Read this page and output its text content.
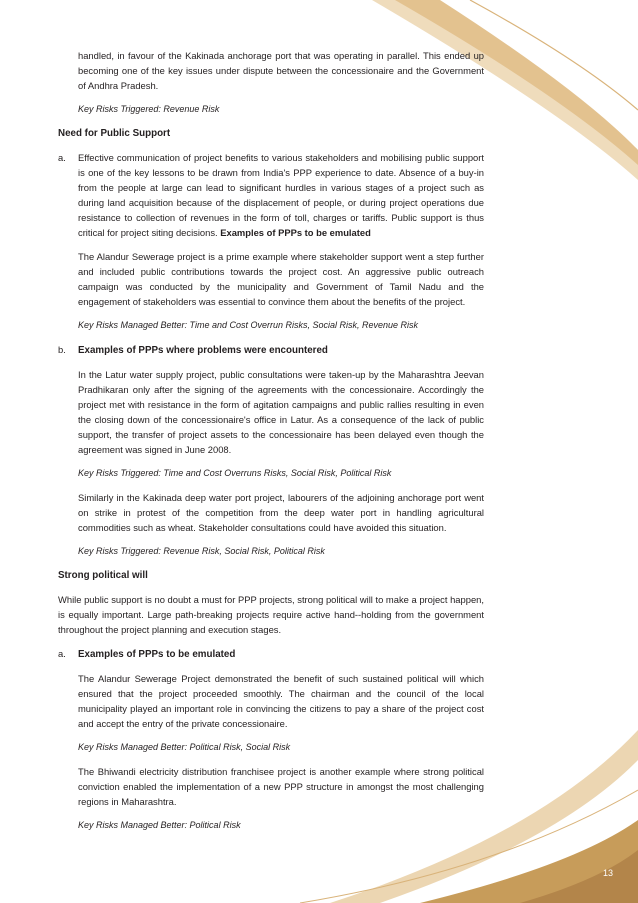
handled, in favour of the Kakinada anchorage port that was operating in parallel. This ended up becoming one of the key issues under dispute between the concessionaire and the Government of Andhra Pradesh.

Key Risks Triggered: Revenue Risk

Need for Public Support

a. Effective communication of project benefits to various stakeholders and mobilising public support is one of the key lessons to be drawn from India's PPP experience to date. Absence of a buy-in from the people at large can lead to significant hurdles in various stages of a project such as during land acquisition because of the displacement of people, or during project operations due resistance to collection of revenues in the form of toll, charges or tariffs. Public support is thus critical for project siting decisions. Examples of PPPs to be emulated

The Alandur Sewerage project is a prime example where stakeholder support went a step further and included public contributions towards the project cost. An aggressive public outreach campaign was conducted by the municipality and Government of Tamil Nadu and the engagement of stakeholders was essential to convince them about the benefits of the project.

Key Risks Managed Better: Time and Cost Overrun Risks, Social Risk, Revenue Risk

b. Examples of PPPs where problems were encountered

In the Latur water supply project, public consultations were taken-up by the Maharashtra Jeevan Pradhikaran only after the signing of the agreements with the concessionaire. Accordingly the project met with resistance in the form of agitation campaigns and public rallies resulting in even the closing down of the concessionaire's office in Latur. As a consequence of the lack of public support, the transfer of project assets to the concessionaire has been delayed even though the agreement was signed in June 2008.

Key Risks Triggered: Time and Cost Overruns Risks, Social Risk, Political Risk

Similarly in the Kakinada deep water port project, labourers of the adjoining anchorage port went on strike in protest of the competition from the deep water port in handling agricultural commodities such as wheat. Stakeholder consultations could have avoided this situation.

Key Risks Triggered: Revenue Risk, Social Risk, Political Risk

Strong political will

While public support is no doubt a must for PPP projects, strong political will to make a project happen, is equally important. Large path-breaking projects require active hand--holding from the government throughout the project planning and execution stages.

a. Examples of PPPs to be emulated

The Alandur Sewerage Project demonstrated the benefit of such sustained political will which ensured that the project proceeded smoothly. The chairman and the council of the local municipality played an important role in convincing the citizens to pay a share of the project cost and accept the entry of the private concessionaire.

Key Risks Managed Better: Political Risk, Social Risk

The Bhiwandi electricity distribution franchisee project is another example where strong political conviction enabled the implementation of a new PPP structure in amongst the most challenging regions in Maharashtra.

Key Risks Managed Better: Political Risk

13
